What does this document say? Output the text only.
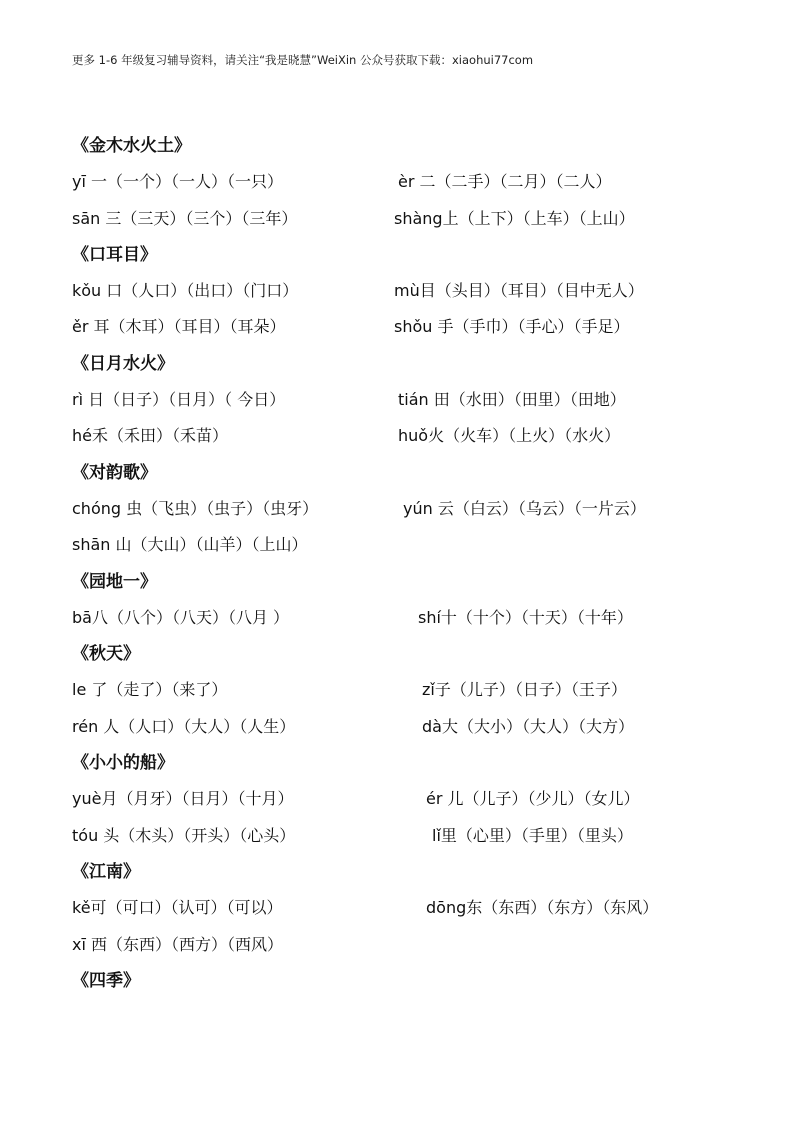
更多 1-6 年级复习辅导资料，请关注“我是晓慧”WeiXin 公众号获取下载：xiaohui77com
《金木水火土》
yī 一（一个）（一人）（一只）	èr 二（二手）（二月）（二人）
sān 三（三天）（三个）（三年）	shàng上（上下）（上车）（上山）
《口耳目》
kǒu 口（人口）（出口）（门口）	mù目（头目）（耳目）（目中无人）
ěr 耳（木耳）（耳目）（耳朵）	shǒu 手（手巾）（手心）（手足）
《日月水火》
rì 日（日子）（日月）（ 今日）	tián 田（水田）（田里）（田地）
hé禾（禾田）（禾苗）	huǒ火（火车）（上火）（水火）
《对韵歌》
chóng 虫（飞虫）（虫子）（虫牙）	yún 云（白云）（乌云）（一片云）
shān 山（大山）（山羊）（上山）
《园地一》
bā八（八个）（八天）（八月 ）	shí十（十个）（十天）（十年）
《秋天》
le 了（走了）（来了）	zǐ子（儿子）（日子）（王子）
rén 人（人口）（大人）（人生）	dà大（大小）（大人）（大方）
《小小的船》
yuè月（月牙）（日月）（十月）	ér 儿（儿子）（少儿）（女儿）
tóu 头（木头）（开头）（心头）	lǐ里（心里）（手里）（里头）
《江南》
kě可（可口）（认可）（可以）	dōng东（东西）（东方）（东风）
xī 西（东西）（西方）（西风）
《四季》
